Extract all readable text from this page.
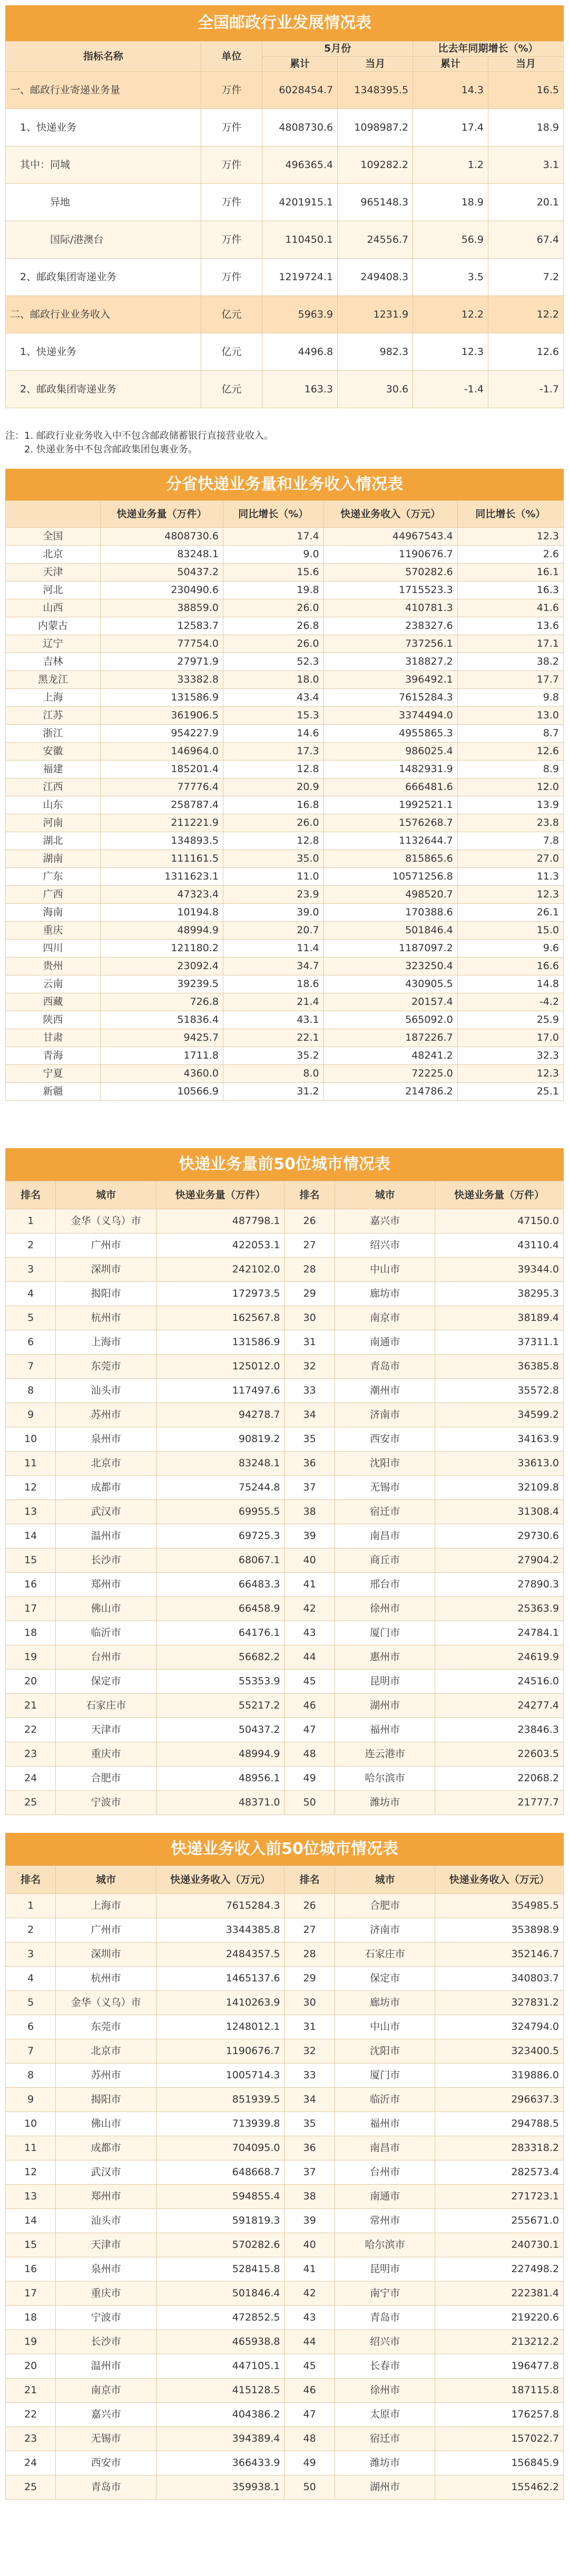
全国邮政行业发展情况表
指标名称	单位	5月份		比去年同期增长（%）	
		累计	当月	累计	当月
一、邮政行业寄递业务量	万件	6028454.7	1348395.5	14.3	16.5
　1、快递业务	万件	4808730.6	1098987.2	17.4	18.9
　其中：同城	万件	496365.4	109282.2	1.2	3.1
　　　　异地	万件	4201915.1	965148.3	18.9	20.1
　　　　国际/港澳台	万件	110450.1	24556.7	56.9	67.4
　2、邮政集团寄递业务	万件	1219724.1	249408.3	3.5	7.2
二、邮政行业业务收入	亿元	5963.9	1231.9	12.2	12.2
　1、快递业务	亿元	4496.8	982.3	12.3	12.6
　2、邮政集团寄递业务	亿元	163.3	30.6	-1.4	-1.7
注：1. 邮政行业业务收入中不包含邮政储蓄银行直接营业收入。
　　2. 快递业务中不包含邮政集团包裹业务。
分省快递业务量和业务收入情况表
	快递业务量（万件）	同比增长（%）	快递业务收入（万元）	同比增长（%）
全国	4808730.6	17.4	44967543.4	12.3
北京	83248.1	9.0	1190676.7	2.6
天津	50437.2	15.6	570282.6	16.1
河北	230490.6	19.8	1715523.3	16.3
山西	38859.0	26.0	410781.3	41.6
内蒙古	12583.7	26.8	238327.6	13.6
辽宁	77754.0	26.0	737256.1	17.1
吉林	27971.9	52.3	318827.2	38.2
黑龙江	33382.8	18.0	396492.1	17.7
上海	131586.9	43.4	7615284.3	9.8
江苏	361906.5	15.3	3374494.0	13.0
浙江	954227.9	14.6	4955865.3	8.7
安徽	146964.0	17.3	986025.4	12.6
福建	185201.4	12.8	1482931.9	8.9
江西	77776.4	20.9	666481.6	12.0
山东	258787.4	16.8	1992521.1	13.9
河南	211221.9	26.0	1576268.7	23.8
湖北	134893.5	12.8	1132644.7	7.8
湖南	111161.5	35.0	815865.6	27.0
广东	1311623.1	11.0	10571256.8	11.3
广西	47323.4	23.9	498520.7	12.3
海南	10194.8	39.0	170388.6	26.1
重庆	48994.9	20.7	501846.4	15.0
四川	121180.2	11.4	1187097.2	9.6
贵州	23092.4	34.7	323250.4	16.6
云南	39239.5	18.6	430905.5	14.8
西藏	726.8	21.4	20157.4	-4.2
陕西	51836.4	43.1	565092.0	25.9
甘肃	9425.7	22.1	187226.7	17.0
青海	1711.8	35.2	48241.2	32.3
宁夏	4360.0	8.0	72225.0	12.3
新疆	10566.9	31.2	214786.2	25.1
快递业务量前50位城市情况表
排名	城市	快递业务量（万件）	排名	城市	快递业务量（万件）
1	金华（义乌）市	487798.1	26	嘉兴市	47150.0
2	广州市	422053.1	27	绍兴市	43110.4
3	深圳市	242102.0	28	中山市	39344.0
4	揭阳市	172973.5	29	廊坊市	38295.3
5	杭州市	162567.8	30	南京市	38189.4
6	上海市	131586.9	31	南通市	37311.1
7	东莞市	125012.0	32	青岛市	36385.8
8	汕头市	117497.6	33	潮州市	35572.8
9	苏州市	94278.7	34	济南市	34599.2
10	泉州市	90819.2	35	西安市	34163.9
11	北京市	83248.1	36	沈阳市	33613.0
12	成都市	75244.8	37	无锡市	32109.8
13	武汉市	69955.5	38	宿迁市	31308.4
14	温州市	69725.3	39	南昌市	29730.6
15	长沙市	68067.1	40	商丘市	27904.2
16	郑州市	66483.3	41	邢台市	27890.3
17	佛山市	66458.9	42	徐州市	25363.9
18	临沂市	64176.1	43	厦门市	24784.1
19	台州市	56682.2	44	惠州市	24619.9
20	保定市	55353.9	45	昆明市	24516.0
21	石家庄市	55217.2	46	湖州市	24277.4
22	天津市	50437.2	47	福州市	23846.3
23	重庆市	48994.9	48	连云港市	22603.5
24	合肥市	48956.1	49	哈尔滨市	22068.2
25	宁波市	48371.0	50	潍坊市	21777.7
快递业务收入前50位城市情况表
排名	城市	快递业务收入（万元）	排名	城市	快递业务收入（万元）
1	上海市	7615284.3	26	合肥市	354985.5
2	广州市	3344385.8	27	济南市	353898.9
3	深圳市	2484357.5	28	石家庄市	352146.7
4	杭州市	1465137.6	29	保定市	340803.7
5	金华（义乌）市	1410263.9	30	廊坊市	327831.2
6	东莞市	1248012.1	31	中山市	324794.0
7	北京市	1190676.7	32	沈阳市	323400.5
8	苏州市	1005714.3	33	厦门市	319886.0
9	揭阳市	851939.5	34	临沂市	296637.3
10	佛山市	713939.8	35	福州市	294788.5
11	成都市	704095.0	36	南昌市	283318.2
12	武汉市	648668.7	37	台州市	282573.4
13	郑州市	594855.4	38	南通市	271723.1
14	汕头市	591819.3	39	常州市	255671.0
15	天津市	570282.6	40	哈尔滨市	240730.1
16	泉州市	528415.8	41	昆明市	227498.2
17	重庆市	501846.4	42	南宁市	222381.4
18	宁波市	472852.5	43	青岛市	219220.6
19	长沙市	465938.8	44	绍兴市	213212.2
20	温州市	447105.1	45	长春市	196477.8
21	南京市	415128.5	46	徐州市	187115.8
22	嘉兴市	404386.2	47	太原市	176257.8
23	无锡市	394389.4	48	宿迁市	157022.7
24	西安市	366433.9	49	潍坊市	156845.9
25	青岛市	359938.1	50	湖州市	155462.2
